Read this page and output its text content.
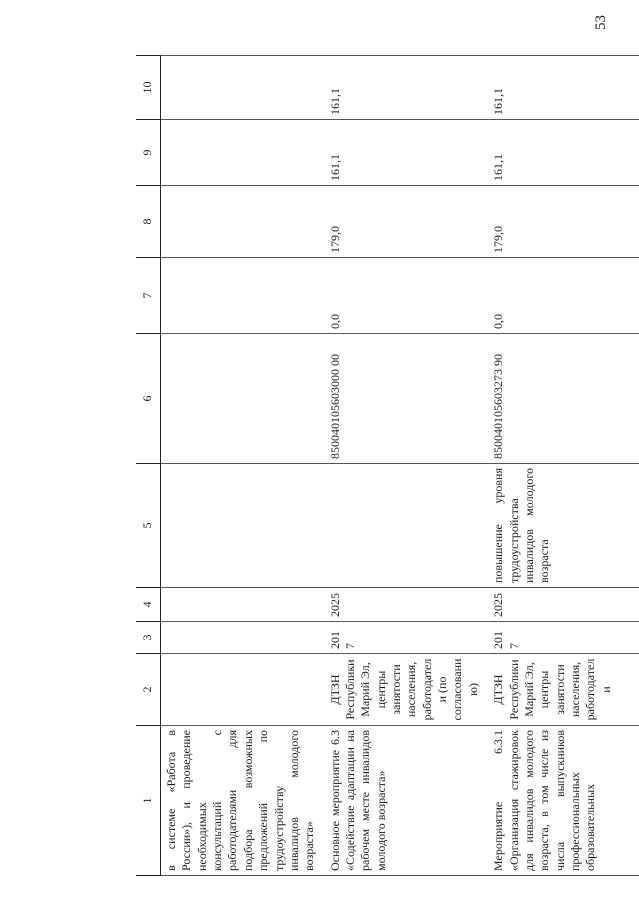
53
1	2	3	4	5	6	7	8	9	10
в системе «Работа в России»), и проведение необходимых консультаций с работодателями для подбора возможных предложений по трудоустройству инвалидов молодого возраста»									
Основное мероприятие 6.3 «Содействие адаптации на рабочем месте инвалидов молодого возраста»	ДТЗН Республики Марий Эл, центры занятости населения, работодатели (по согласованию)	2017	2025		850040105603000 00	0,0	179,0	161,1	161,1
Мероприятие 6.3.1 «Организация стажировок для инвалидов молодого возраста, в том числе из числа выпускников профессиональных образовательных	ДТЗН Республики Марий Эл, центры занятости населения, работодатели	2017	2025	повышение уровня трудоустройства инвалидов молодого возраста	850040105603273 90	0,0	179,0	161,1	161,1
